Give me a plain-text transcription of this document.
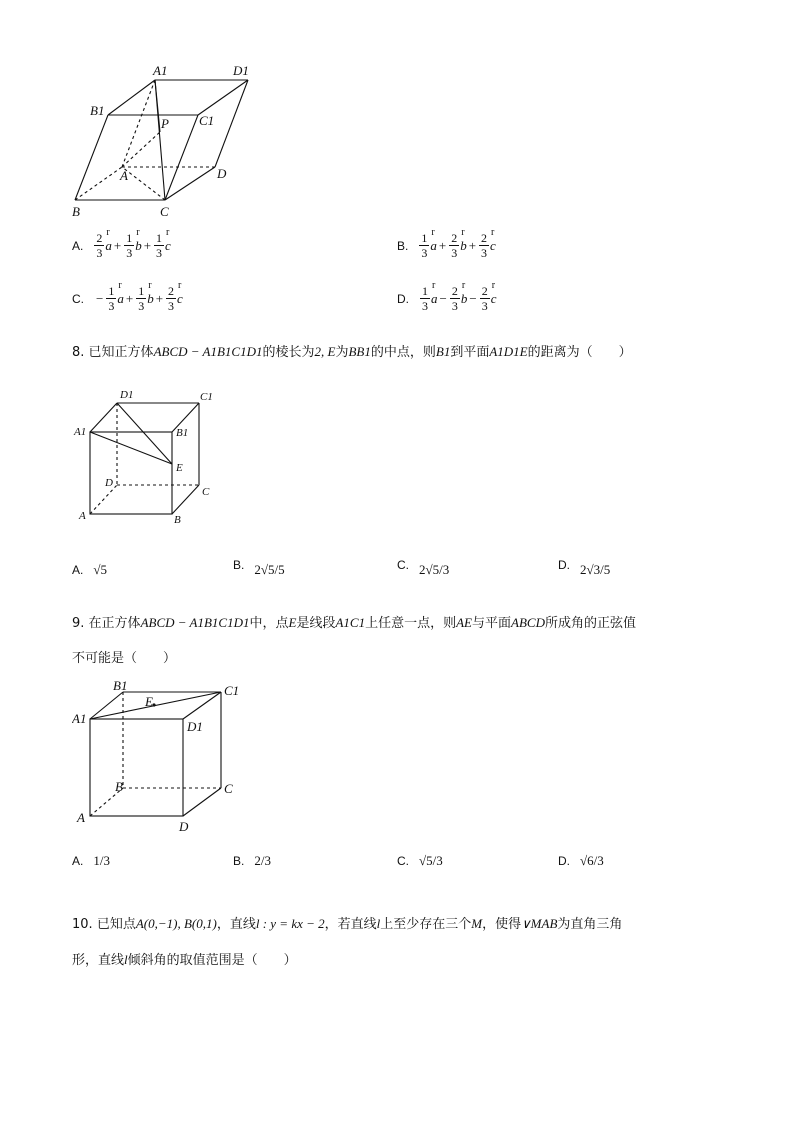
A1	D1
B1
P C1
A	D
B	C
A. $\frac{2}{3}$ a
r
+ $\frac{1}{3}$ b
r
+ $\frac{1}{3}$ c
r
B. $\frac{1}{3}$ a
r
+ $\frac{2}{3}$ b
r
+ $\frac{2}{3}$ c
r
C. − $\frac{1}{3}$ a
r
+ $\frac{1}{3}$ b
r
+ $\frac{2}{3}$ c
r
D. $\frac{1}{3}$ a
r
− $\frac{2}{3}$ b
r
− $\frac{2}{3}$ c
r
8. 已知正方体ABCD − A1B1C1D1的棱长为2, E为BB1的中点，则B1到平面A1D1E的距离为（　　）
D1	C1
A1	B1
E
D
C
A	B
A. √5	B. 2√5/5	C. 2√5/3	D. 2√3/5
9. 在正方体ABCD − A1B1C1D1中，点E是线段A1C1上任意一点，则AE与平面ABCD所成角的正弦值
不可能是（　　）
B1	C1
E
A1
D1
B	C
A
D
A. 1/3	B. 2/3	C. √5/3	D. √6/3
10. 已知点A(0,−1), B(0,1)，直线l : y = kx − 2，若直线l上至少存在三个M，使得∨MAB为直角三角
形，直线l倾斜角的取值范围是（　　）
